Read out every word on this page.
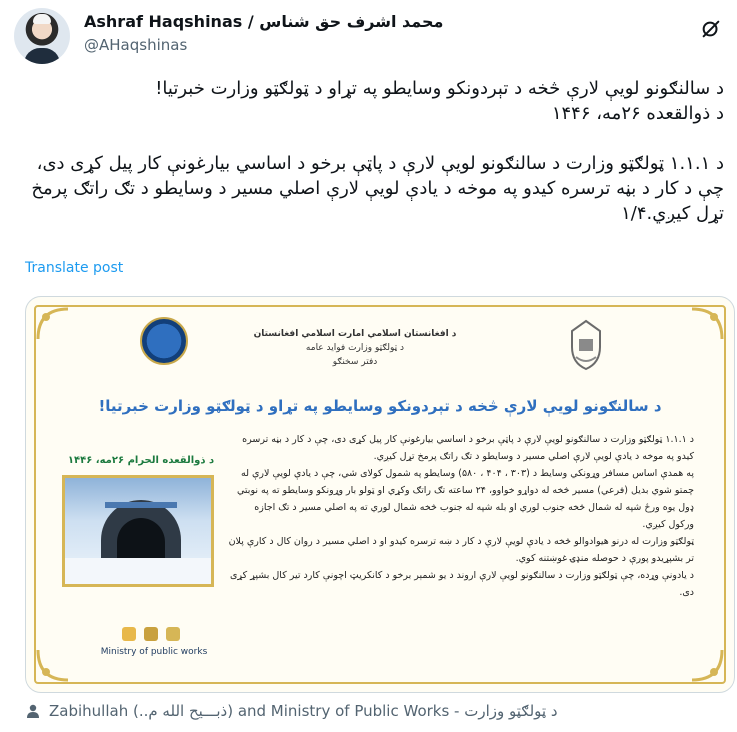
Ashraf Haqshinas / محمد اشرف حق شناس
@AHaqshinas

د سالنګونو لویې لارې څخه د تېردونکو وسایطو په تړاو د ټولګټو وزارت خبرتیا!

د ذوالقعده ۲۶مه، ۱۴۴۶

د ۱.۱.۱ ټولګټو وزارت د سالنګونو لویې لارې د پاټې برخو د اساسي بیارغونې کار پیل کړی دی، چې د کار د بڼه ترسره کیدو په موخه د یادې لویې لارې اصلي مسیر د وسایطو د تګ راتګ پرمخ تړل کیږي.۱/۴

Translate post
د افغانستان اسلامي امارت اسلامي افغانستان
د ټولګټو وزارت فواید عامه
دفتر سخنګو
د سالنګونو لویې لارې څخه د تېردونکو وسایطو په تړاو د ټولګټو وزارت خبرتیا!
د ذوالقعده الحرام ۲۶مه، ۱۴۴۶
Ministry of public works

د ۱.۱.۱ ټولګټو وزارت د سالنګونو لویې لارې د پاټې برخو د اساسي بیارغونې کار پیل کړی دی، چې د کار د بڼه ترسره کیدو په موخه د یادې لویې لارې اصلي مسیر د وسایطو د تګ راتګ پرمخ تړل کیږي.

په همدې اساس مسافر وړونکي وسایط د (۳۰۳ ، ۴۰۴ ، ۵۸۰) وسایطو په شمول کولای شي، چې د یادې لویې لارې له چمتو شوي بدیل (فرعي) مسیر څخه له دواړو خواوو، ۲۴ ساعته تګ راتګ وکړي او ټولو بار وړونکو وسایطو ته په نوبتي ډول یوه ورځ شپه له شمال څخه جنوب لوري او بله شپه له جنوب څخه شمال لوري ته په اصلي مسیر د تګ اجازه ورکول کیږي.

ټولګټو وزارت له درنو هیوادوالو څخه د یادې لویې لارې د کار د ښه ترسره کیدو او د اصلي مسیر د روان کال د کارې پلان تر بشپړیدو پورې د حوصله منډۍ غوښتنه کوي.

د یادونې وړده، چې ټولګټو وزارت د سالنګونو لویې لارې اروند د یو شمېر برخو د کانکریټ اچونې کارد تیر کال بشپړ کړی دی.

Zabihullah (..ذبـــیح الله م) and Ministry of Public Works - د ټولګټو وزارت
